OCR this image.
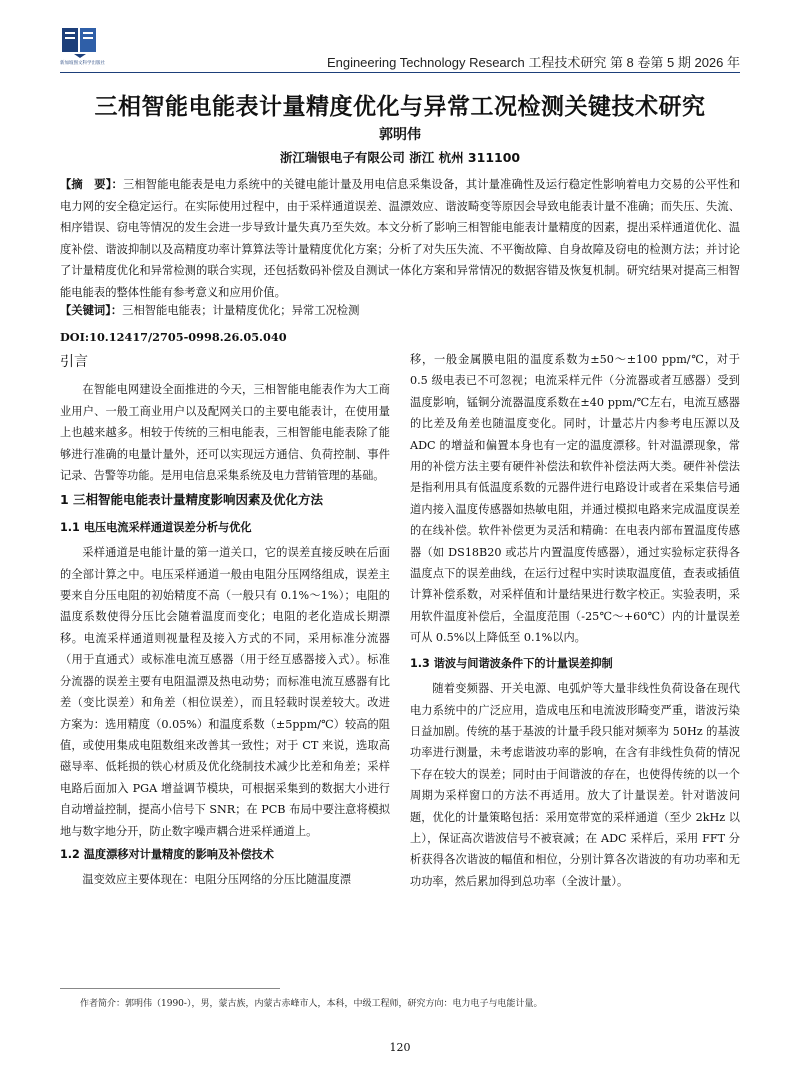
新加坡图文科学出版社	Engineering Technology Research 工程技术研究 第 8 卷第 5 期 2026 年
三相智能电能表计量精度优化与异常工况检测关键技术研究
郭明伟
浙江瑞银电子有限公司 浙江 杭州 311100
【摘　要】：三相智能电能表是电力系统中的关键电能计量及用电信息采集设备，其计量准确性及运行稳定性影响着电力交易的公平性和电力网的安全稳定运行。在实际使用过程中，由于采样通道误差、温漂效应、谐波畸变等原因会导致电能表计量不准确；而失压、失流、相序错误、窃电等情况的发生会进一步导致计量失真乃至失效。本文分析了影响三相智能电能表计量精度的因素，提出采样通道优化、温度补偿、谐波抑制以及高精度功率计算算法等计量精度优化方案；分析了对失压失流、不平衡故障、自身故障及窃电的检测方法；并讨论了计量精度优化和异常检测的联合实现，还包括数码补偿及自测试一体化方案和异常情况的数据容错及恢复机制。研究结果对提高三相智能电能表的整体性能有参考意义和应用价值。
【关键词】：三相智能电能表；计量精度优化；异常工况检测
DOI:10.12417/2705-0998.26.05.040
引言

在智能电网建设全面推进的今天，三相智能电能表作为大工商业用户、一般工商业用户以及配网关口的主要电能表计，在使用量上也越来越多。相较于传统的三相电能表，三相智能电能表除了能够进行准确的电量计量外，还可以实现远方通信、负荷控制、事件记录、告警等功能。是用电信息采集系统及电力营销管理的基础。

1 三相智能电能表计量精度影响因素及优化方法
1.1 电压电流采样通道误差分析与优化

采样通道是电能计量的第一道关口，它的误差直接反映在后面的全部计算之中。电压采样通道一般由电阻分压网络组成，误差主要来自分压电阻的初始精度不高（一般只有 0.1%～1%）；电阻的温度系数使得分压比会随着温度而变化；电阻的老化造成长期漂移。电流采样通道则视量程及接入方式的不同，采用标准分流器（用于直通式）或标准电流互感器（用于经互感器接入式）。标准分流器的误差主要有电阻温漂及热电动势；而标准电流互感器有比差（变比误差）和角差（相位误差），而且轻载时误差较大。改进方案为：选用精度（0.05%）和温度系数（±5ppm/℃）较高的阻值，或使用集成电阻数组来改善其一致性；对于 CT 来说，选取高磁导率、低耗损的铁心材质及优化绕制技术减少比差和角差；采样电路后面加入 PGA 增益调节模块，可根据采集到的数据大小进行自动增益控制，提高小信号下 SNR；在 PCB 布局中要注意将模拟地与数字地分开，防止数字噪声耦合进采样通道上。

1.2 温度漂移对计量精度的影响及补偿技术

温变效应主要体现在：电阻分压网络的分压比随温度漂

移，一般金属膜电阻的温度系数为±50～±100 ppm/℃，对于 0.5 级电表已不可忽视；电流采样元件（分流器或者互感器）受到温度影响，锰铜分流器温度系数在±40 ppm/℃左右，电流互感器的比差及角差也随温度变化。同时，计量芯片内参考电压源以及 ADC 的增益和偏置本身也有一定的温度漂移。针对温漂现象，常用的补偿方法主要有硬件补偿法和软件补偿法两大类。硬件补偿法是指利用具有低温度系数的元器件进行电路设计或者在采集信号通道内接入温度传感器如热敏电阻，并通过模拟电路来完成温度误差的在线补偿。软件补偿更为灵活和精确：在电表内部布置温度传感器（如 DS18B20 或芯片内置温度传感器），通过实验标定获得各温度点下的误差曲线，在运行过程中实时读取温度值，查表或插值计算补偿系数，对采样值和计量结果进行数字校正。实验表明，采用软件温度补偿后，全温度范围（-25℃～+60℃）内的计量误差可从 0.5%以上降低至 0.1%以内。

1.3 谐波与间谐波条件下的计量误差抑制

随着变频器、开关电源、电弧炉等大量非线性负荷设备在现代电力系统中的广泛应用，造成电压和电流波形畸变严重，谐波污染日益加剧。传统的基于基波的计量手段只能对频率为 50Hz 的基波功率进行测量，未考虑谐波功率的影响，在含有非线性负荷的情况下存在较大的误差；同时由于间谐波的存在，也使得传统的以一个周期为采样窗口的方法不再适用。放大了计量误差。针对谐波问题，优化的计量策略包括：采用宽带宽的采样通道（至少 2kHz 以上），保证高次谐波信号不被衰减；在 ADC 采样后，采用 FFT 分析获得各次谐波的幅值和相位，分别计算各次谐波的有功功率和无功功率，然后累加得到总功率（全波计量）。

作者简介：郭明伟（1990-），男，蒙古族，内蒙古赤峰市人，本科，中级工程师，研究方向：电力电子与电能计量。
120
